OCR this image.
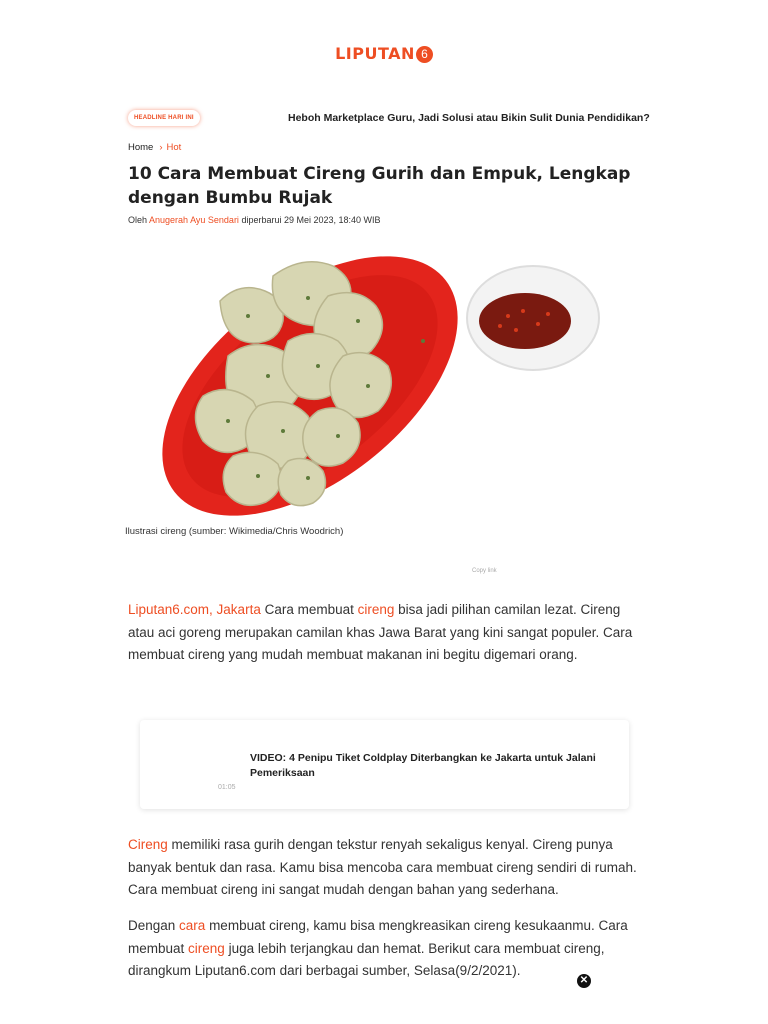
LIPUTAN 6
HEADLINE HARI INI	Heboh Marketplace Guru, Jadi Solusi atau Bikin Sulit Dunia Pendidikan?
Home › Hot
10 Cara Membuat Cireng Gurih dan Empuk, Lengkap dengan Bumbu Rujak
Oleh Anugerah Ayu Sendari diperbarui 29 Mei 2023, 18:40 WIB
Ilustrasi cireng (sumber: Wikimedia/Chris Woodrich)
Copy link

Liputan6.com, Jakarta Cara membuat cireng bisa jadi pilihan camilan lezat. Cireng atau aci goreng merupakan camilan khas Jawa Barat yang kini sangat populer. Cara membuat cireng yang mudah membuat makanan ini begitu digemari orang.

01:05
VIDEO: 4 Penipu Tiket Coldplay Diterbangkan ke Jakarta untuk Jalani Pemeriksaan

Cireng memiliki rasa gurih dengan tekstur renyah sekaligus kenyal. Cireng punya banyak bentuk dan rasa. Kamu bisa mencoba cara membuat cireng sendiri di rumah. Cara membuat cireng ini sangat mudah dengan bahan yang sederhana.

Dengan cara membuat cireng, kamu bisa mengkreasikan cireng kesukaanmu. Cara membuat cireng juga lebih terjangkau dan hemat. Berikut cara membuat cireng, dirangkum Liputan6.com dari berbagai sumber, Selasa(9/2/2021).

✕
